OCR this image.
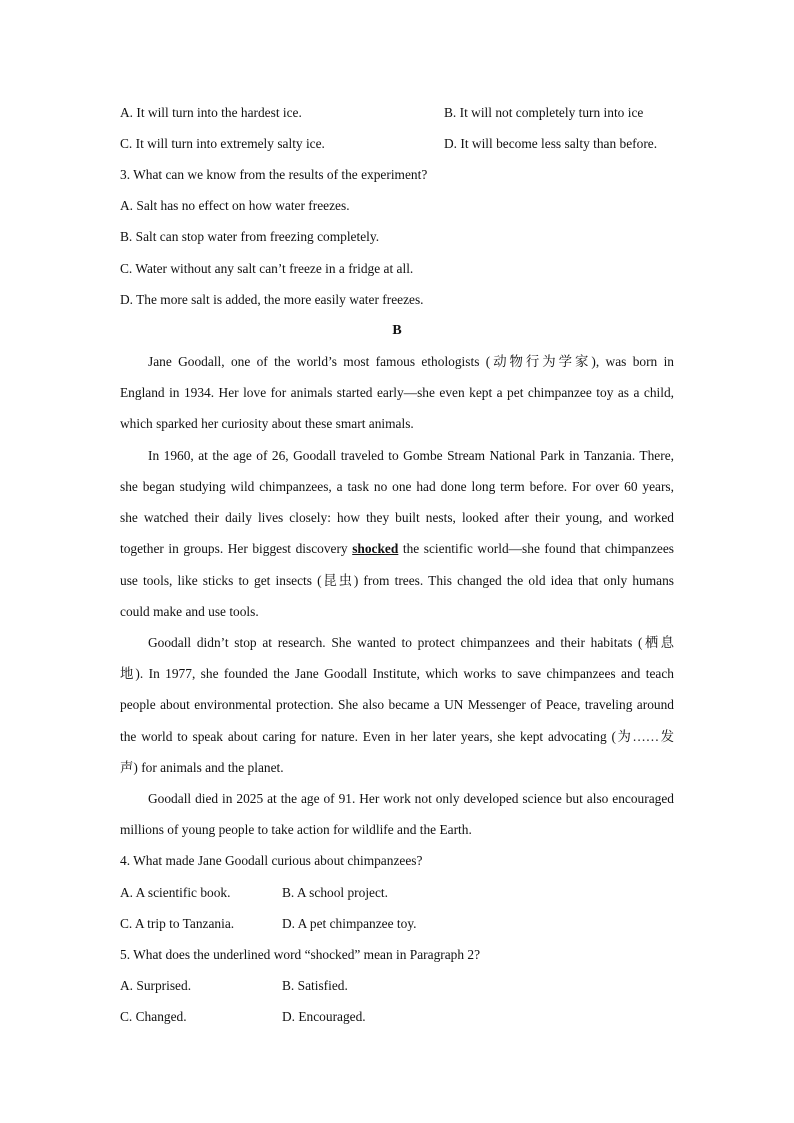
A. It will turn into the hardest ice.	B. It will not completely turn into ice
C. It will turn into extremely salty ice.	D. It will become less salty than before.
3. What can we know from the results of the experiment?
A. Salt has no effect on how water freezes.
B. Salt can stop water from freezing completely.
C. Water without any salt can’t freeze in a fridge at all.
D. The more salt is added, the more easily water freezes.
B
Jane Goodall, one of the world’s most famous ethologists (动物行为学家), was born in
England in 1934. Her love for animals started early—she even kept a pet chimpanzee toy as a child,
which sparked her curiosity about these smart animals.
In 1960, at the age of 26, Goodall traveled to Gombe Stream National Park in Tanzania. There,
she began studying wild chimpanzees, a task no one had done long term before. For over 60 years,
she watched their daily lives closely: how they built nests, looked after their young, and worked
together in groups. Her biggest discovery shocked the scientific world—she found that chimpanzees
use tools, like sticks to get insects (昆虫) from trees. This changed the old idea that only humans
could make and use tools.
Goodall didn’t stop at research. She wanted to protect chimpanzees and their habitats (栖息
地). In 1977, she founded the Jane Goodall Institute, which works to save chimpanzees and teach
people about environmental protection. She also became a UN Messenger of Peace, traveling around
the world to speak about caring for nature. Even in her later years, she kept advocating (为……发
声) for animals and the planet.
Goodall died in 2025 at the age of 91. Her work not only developed science but also encouraged
millions of young people to take action for wildlife and the Earth.
4. What made Jane Goodall curious about chimpanzees?
A. A scientific book.	B. A school project.
C. A trip to Tanzania.	D. A pet chimpanzee toy.
5. What does the underlined word “shocked” mean in Paragraph 2?
A. Surprised.	B. Satisfied.
C. Changed.	D. Encouraged.
